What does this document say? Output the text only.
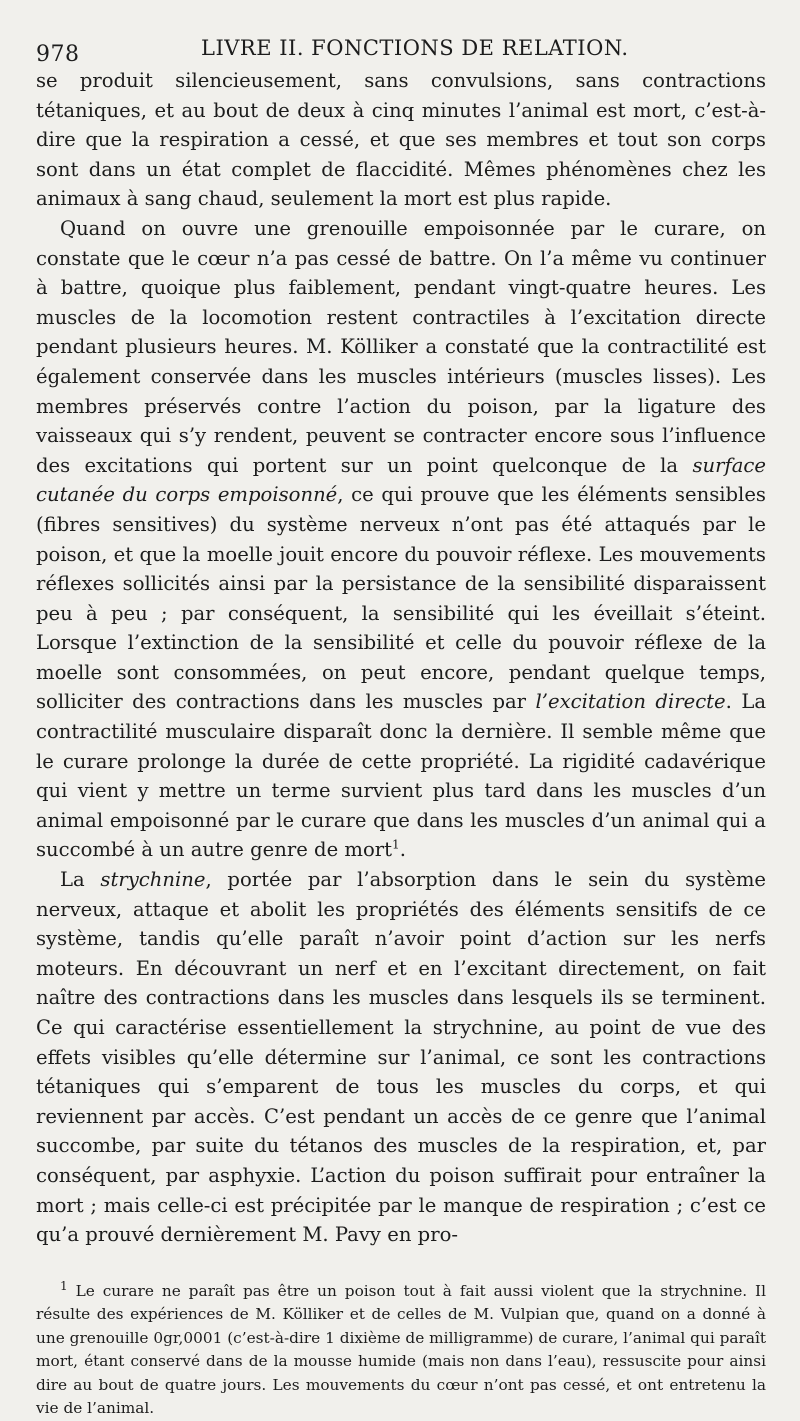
978	LIVRE II. FONCTIONS DE RELATION.

se produit silencieusement, sans convulsions, sans contractions tétaniques, et au bout de deux à cinq minutes l’animal est mort, c’est-à-dire que la respiration a cessé, et que ses membres et tout son corps sont dans un état complet de flaccidité. Mêmes phénomènes chez les animaux à sang chaud, seulement la mort est plus rapide.

Quand on ouvre une grenouille empoisonnée par le curare, on constate que le cœur n’a pas cessé de battre. On l’a même vu continuer à battre, quoique plus faiblement, pendant vingt-quatre heures. Les muscles de la locomotion restent contractiles à l’excitation directe pendant plusieurs heures. M. Kölliker a constaté que la contractilité est également conservée dans les muscles intérieurs (muscles lisses). Les membres préservés contre l’action du poison, par la ligature des vaisseaux qui s’y rendent, peuvent se contracter encore sous l’influence des excitations qui portent sur un point quelconque de la surface cutanée du corps empoisonné, ce qui prouve que les éléments sensibles (fibres sensitives) du système nerveux n’ont pas été attaqués par le poison, et que la moelle jouit encore du pouvoir réflexe. Les mouvements réflexes sollicités ainsi par la persistance de la sensibilité disparaissent peu à peu ; par conséquent, la sensibilité qui les éveillait s’éteint. Lorsque l’extinction de la sensibilité et celle du pouvoir réflexe de la moelle sont consommées, on peut encore, pendant quelque temps, solliciter des contractions dans les muscles par l’excitation directe. La contractilité musculaire disparaît donc la dernière. Il semble même que le curare prolonge la durée de cette propriété. La rigidité cadavérique qui vient y mettre un terme survient plus tard dans les muscles d’un animal empoisonné par le curare que dans les muscles d’un animal qui a succombé à un autre genre de mort$^1$.

La strychnine, portée par l’absorption dans le sein du système nerveux, attaque et abolit les propriétés des éléments sensitifs de ce système, tandis qu’elle paraît n’avoir point d’action sur les nerfs moteurs. En découvrant un nerf et en l’excitant directement, on fait naître des contractions dans les muscles dans lesquels ils se terminent. Ce qui caractérise essentiellement la strychnine, au point de vue des effets visibles qu’elle détermine sur l’animal, ce sont les contractions tétaniques qui s’emparent de tous les muscles du corps, et qui reviennent par accès. C’est pendant un accès de ce genre que l’animal succombe, par suite du tétanos des muscles de la respiration, et, par conséquent, par asphyxie. L’action du poison suffirait pour entraîner la mort ; mais celle-ci est précipitée par le manque de respiration ; c’est ce qu’a prouvé dernièrement M. Pavy en pro-

$^1$ Le curare ne paraît pas être un poison tout à fait aussi violent que la strychnine. Il résulte des expériences de M. Kölliker et de celles de M. Vulpian que, quand on a donné à une grenouille 0gr,0001 (c’est-à-dire 1 dixième de milligramme) de curare, l’animal qui paraît mort, étant conservé dans de la mousse humide (mais non dans l’eau), ressuscite pour ainsi dire au bout de quatre jours. Les mouvements du cœur n’ont pas cessé, et ont entretenu la vie de l’animal.
